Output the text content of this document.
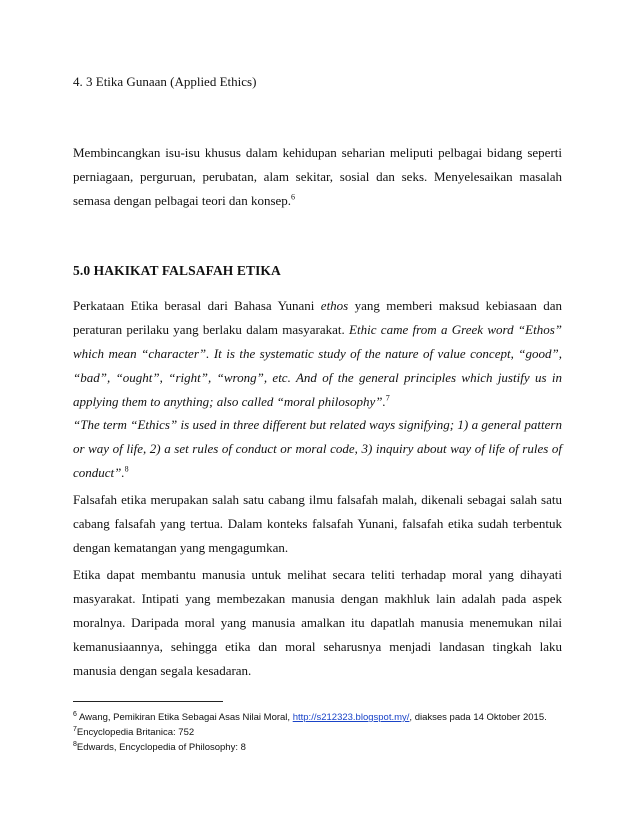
4. 3 Etika Gunaan (Applied Ethics)

Membincangkan isu-isu khusus dalam kehidupan seharian meliputi pelbagai bidang seperti perniagaan, perguruan, perubatan, alam sekitar, sosial dan seks. Menyelesaikan masalah semasa dengan pelbagai teori dan konsep.$^6$

5.0 HAKIKAT FALSAFAH ETIKA

Perkataan Etika berasal dari Bahasa Yunani ethos yang memberi maksud kebiasaan dan peraturan perilaku yang berlaku dalam masyarakat. Ethic came from a Greek word “Ethos” which mean “character”. It is the systematic study of the nature of value concept, “good”, “bad”, “ought”, “right”, “wrong”, etc. And of the general principles which justify us in applying them to anything; also called “moral philosophy”.$^7$

“The term “Ethics” is used in three different but related ways signifying; 1) a general pattern or way of life, 2) a set rules of conduct or moral code, 3) inquiry about way of life of rules of conduct”.$^8$

Falsafah etika merupakan salah satu cabang ilmu falsafah malah, dikenali sebagai salah satu cabang falsafah yang tertua. Dalam konteks falsafah Yunani, falsafah etika sudah terbentuk dengan kematangan yang mengagumkan.

Etika dapat membantu manusia untuk melihat secara teliti terhadap moral yang dihayati masyarakat. Intipati yang membezakan manusia dengan makhluk lain adalah pada aspek moralnya. Daripada moral yang manusia amalkan itu dapatlah manusia menemukan nilai kemanusiaannya, sehingga etika dan moral seharusnya menjadi landasan tingkah laku manusia dengan segala kesadaran.

$^6$ Awang, Pemikiran Etika Sebagai Asas Nilai Moral, http://s212323.blogspot.my/, diakses pada 14 Oktober 2015.
$^7$Encyclopedia Britanica: 752
$^8$Edwards, Encyclopedia of Philosophy: 8
